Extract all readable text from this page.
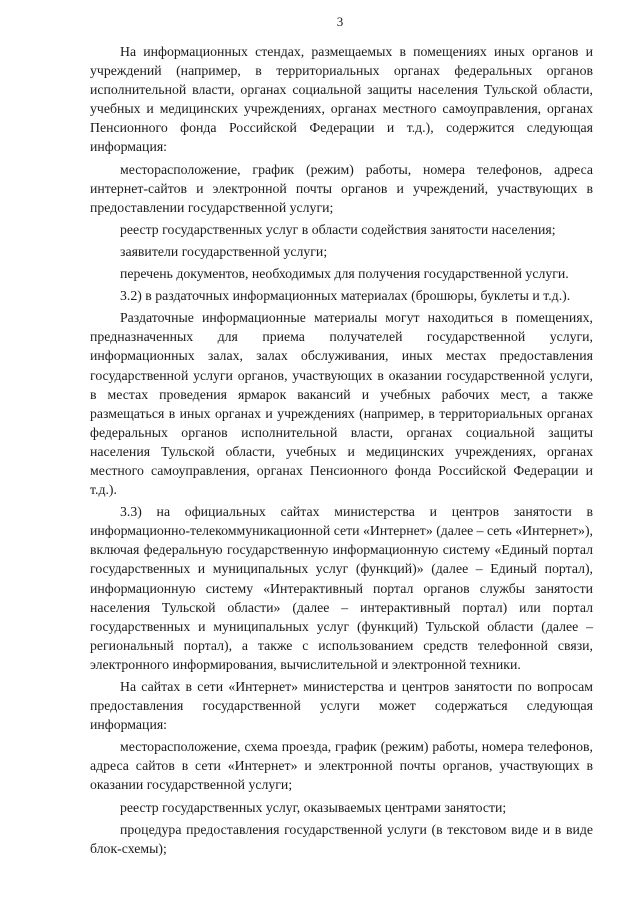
3

На информационных стендах, размещаемых в помещениях иных органов и учреждений (например, в территориальных органах федеральных органов исполнительной власти, органах социальной защиты населения Тульской области, учебных и медицинских учреждениях, органах местного самоуправления, органах Пенсионного фонда Российской Федерации и т.д.), содержится следующая информация:

месторасположение, график (режим) работы, номера телефонов, адреса интернет-сайтов и электронной почты органов и учреждений, участвующих в предоставлении государственной услуги;

реестр государственных услуг в области содействия занятости населения;

заявители государственной услуги;

перечень документов, необходимых для получения государственной услуги.

3.2) в раздаточных информационных материалах (брошюры, буклеты и т.д.).

Раздаточные информационные материалы могут находиться в помещениях, предназначенных для приема получателей государственной услуги, информационных залах, залах обслуживания, иных местах предоставления государственной услуги органов, участвующих в оказании государственной услуги, в местах проведения ярмарок вакансий и учебных рабочих мест, а также размещаться в иных органах и учреждениях (например, в территориальных органах федеральных органов исполнительной власти, органах социальной защиты населения Тульской области, учебных и медицинских учреждениях, органах местного самоуправления, органах Пенсионного фонда Российской Федерации и т.д.).

3.3) на официальных сайтах министерства и центров занятости в информационно-телекоммуникационной сети «Интернет» (далее – сеть «Интернет»), включая федеральную государственную информационную систему «Единый портал государственных и муниципальных услуг (функций)» (далее – Единый портал), информационную систему «Интерактивный портал органов службы занятости населения Тульской области» (далее – интерактивный портал) или портал государственных и муниципальных услуг (функций) Тульской области (далее – региональный портал), а также с использованием средств телефонной связи, электронного информирования, вычислительной и электронной техники.

На сайтах в сети «Интернет» министерства и центров занятости по вопросам предоставления государственной услуги может содержаться следующая информация:

месторасположение, схема проезда, график (режим) работы, номера телефонов, адреса сайтов в сети «Интернет» и электронной почты органов, участвующих в оказании государственной услуги;

реестр государственных услуг, оказываемых центрами занятости;

процедура предоставления государственной услуги (в текстовом виде и в виде блок-схемы);
